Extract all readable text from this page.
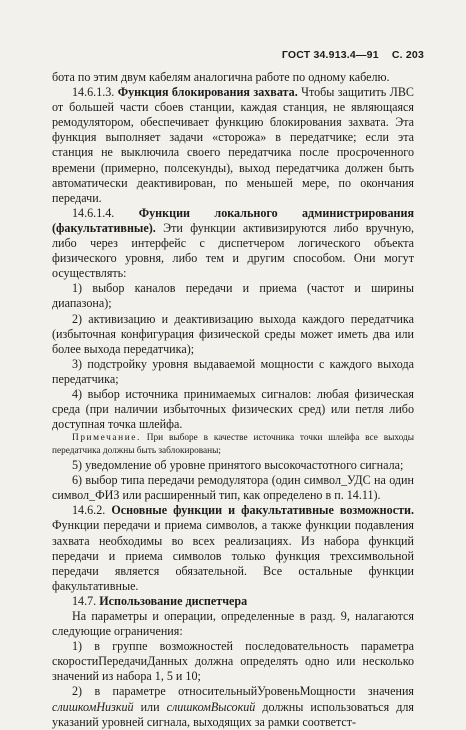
ГОСТ 34.913.4—91 С. 203

бота по этим двум кабелям аналогична работе по одному кабелю.

14.6.1.3. Функция блокирования захвата. Чтобы защитить ЛВС от большей части сбоев станции, каждая станция, не являющаяся ремодулятором, обеспечивает функцию блокирования захвата. Эта функция выполняет задачи «сторожа» в передатчике; если эта станция не выключила своего передатчика после просроченного времени (примерно, полсекунды), выход передатчика должен быть автоматически деактивирован, по меньшей мере, по окончания передачи.

14.6.1.4. Функции локального администрирования (факультативные). Эти функции активизируются либо вручную, либо через интерфейс с диспетчером логического объекта физического уровня, либо тем и другим способом. Они могут осуществлять:

1) выбор каналов передачи и приема (частот и ширины диапазона);

2) активизацию и деактивизацию выхода каждого передатчика (избыточная конфигурация физической среды может иметь два или более выхода передатчика);

3) подстройку уровня выдаваемой мощности с каждого выхода передатчика;

4) выбор источника принимаемых сигналов: любая физическая среда (при наличии избыточных физических сред) или петля либо доступная точка шлейфа.

Примечание. При выборе в качестве источника точки шлейфа все выходы передатчика должны быть заблокированы;

5) уведомление об уровне принятого высокочастотного сигнала;

6) выбор типа передачи ремодулятора (один символ_УДС на один символ_ФИЗ или расширенный тип, как определено в п. 14.11).

14.6.2. Основные функции и факультативные возможности. Функции передачи и приема символов, а также функции подавления захвата необходимы во всех реализациях. Из набора функций передачи и приема символов только функция трехсимвольной передачи является обязательной. Все остальные функции факультативные.

14.7. Использование диспетчера

На параметры и операции, определенные в разд. 9, налагаются следующие ограничения:

1) в группе возможностей последовательность параметра скоростиПередачиДанных должна определять одно или несколько значений из набора 1, 5 и 10;

2) в параметре относительныйУровеньМощности значения слишкомНизкий или слишкомВысокий должны использоваться для указаний уровней сигнала, выходящих за рамки соответст-
